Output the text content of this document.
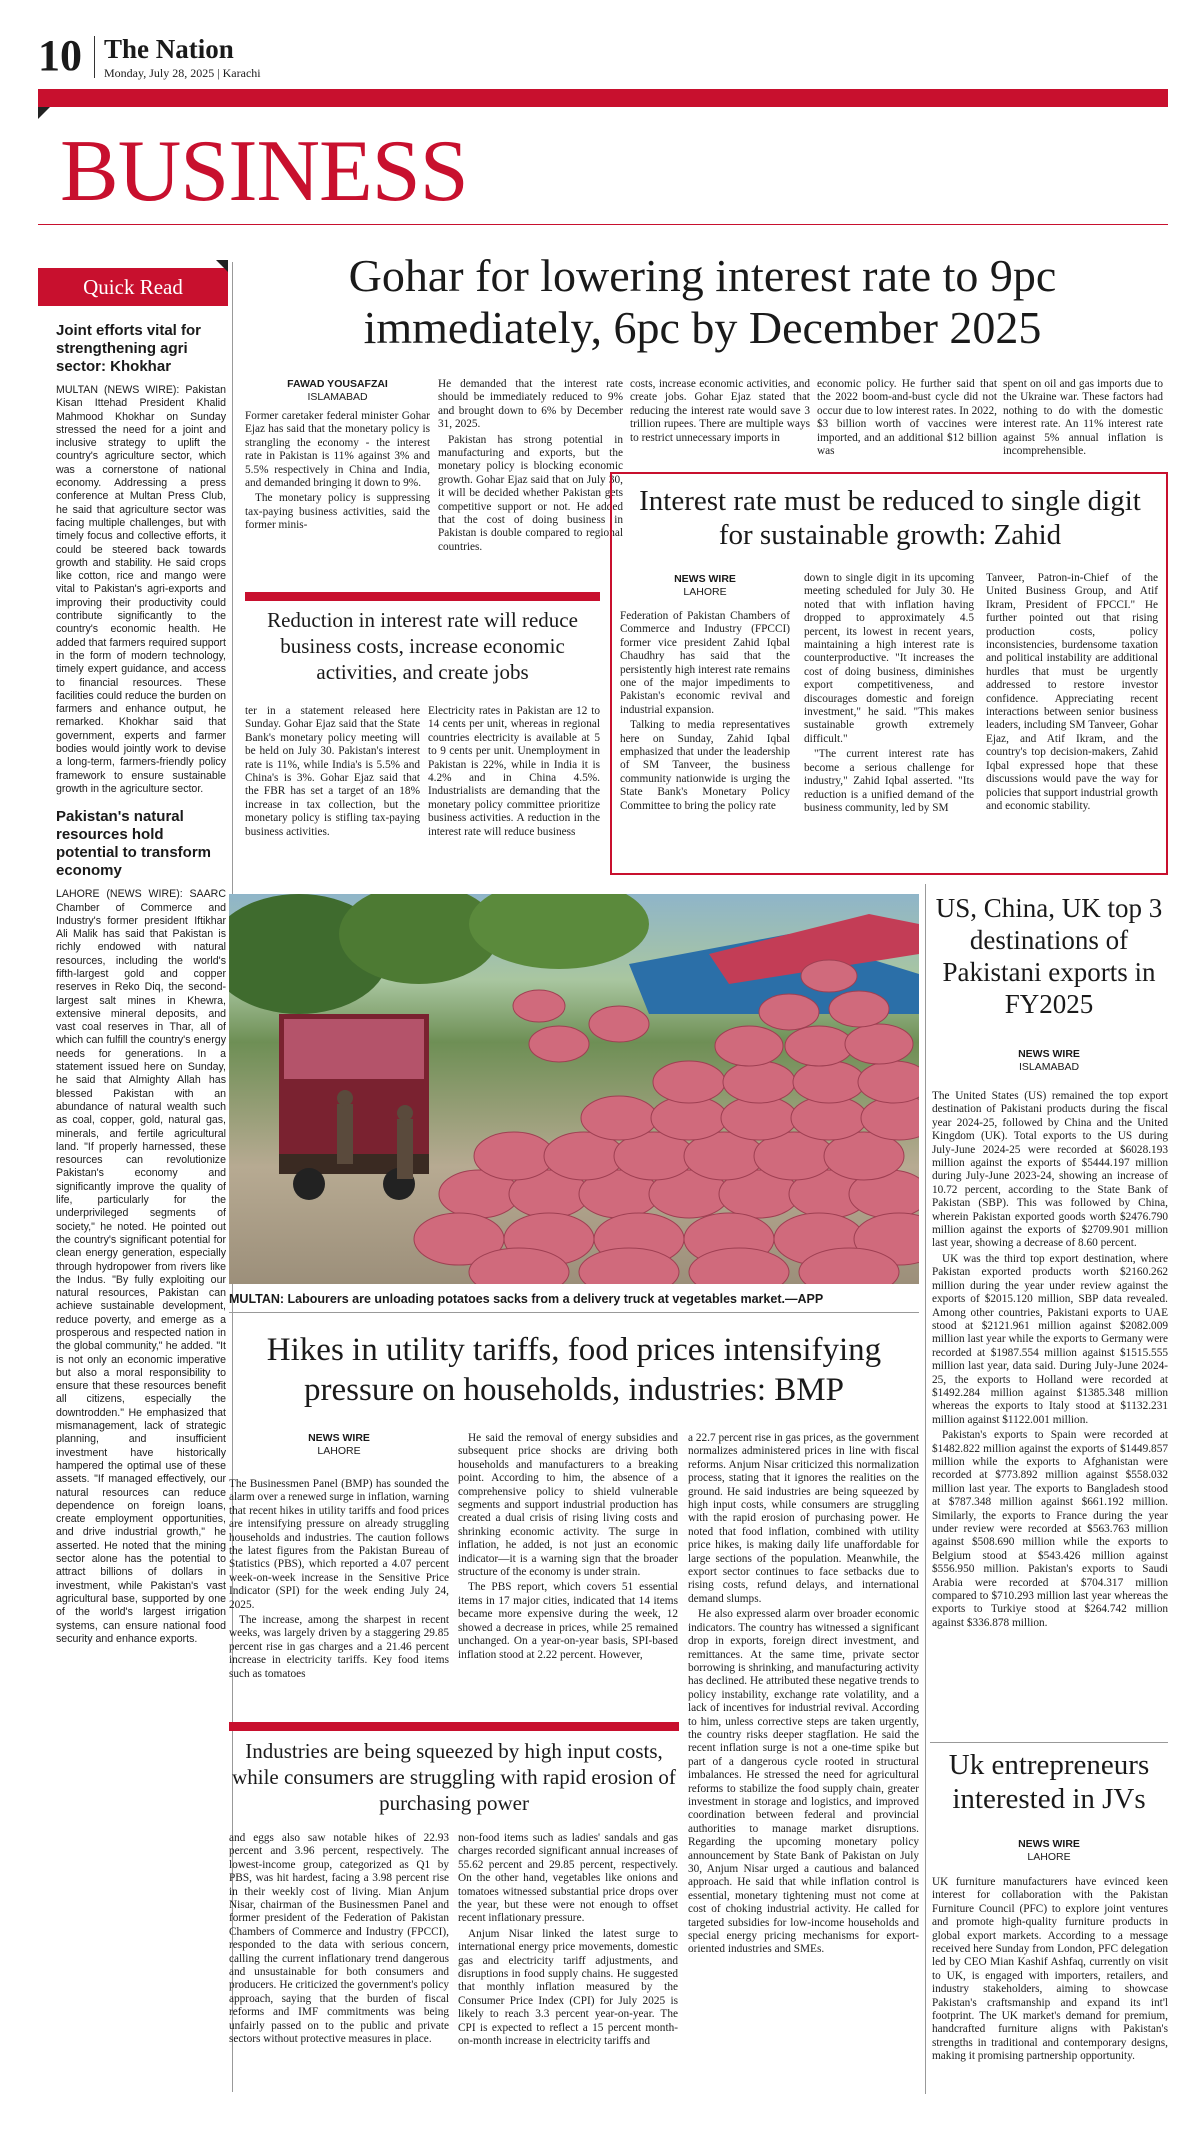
10 The Nation
Monday, July 28, 2025 | Karachi
BUSINESS
Quick Read
Joint efforts vital for strengthening agri sector: Khokhar

MULTAN (NEWS WIRE): Pakistan Kisan Ittehad President Khalid Mahmood Khokhar on Sunday stressed the need for a joint and inclusive strategy to uplift the country's agriculture sector, which was a cornerstone of national economy. Addressing a press conference at Multan Press Club, he said that agriculture sector was facing multiple challenges, but with timely focus and collective efforts, it could be steered back towards growth and stability. He said crops like cotton, rice and mango were vital to Pakistan's agri-exports and improving their productivity could contribute significantly to the country's economic health. He added that farmers required support in the form of modern technology, timely expert guidance, and access to financial resources. These facilities could reduce the burden on farmers and enhance output, he remarked. Khokhar said that government, experts and farmer bodies would jointly work to devise a long-term, farmers-friendly policy framework to ensure sustainable growth in the agriculture sector.

Pakistan's natural resources hold potential to transform economy

LAHORE (NEWS WIRE): SAARC Chamber of Commerce and Industry's former president Iftikhar Ali Malik has said that Pakistan is richly endowed with natural resources, including the world's fifth-largest gold and copper reserves in Reko Diq, the second-largest salt mines in Khewra, extensive mineral deposits, and vast coal reserves in Thar, all of which can fulfill the country's energy needs for generations. In a statement issued here on Sunday, he said that Almighty Allah has blessed Pakistan with an abundance of natural wealth such as coal, copper, gold, natural gas, minerals, and fertile agricultural land. "If properly harnessed, these resources can revolutionize Pakistan's economy and significantly improve the quality of life, particularly for the underprivileged segments of society," he noted. He pointed out the country's significant potential for clean energy generation, especially through hydropower from rivers like the Indus. "By fully exploiting our natural resources, Pakistan can achieve sustainable development, reduce poverty, and emerge as a prosperous and respected nation in the global community," he added. "It is not only an economic imperative but also a moral responsibility to ensure that these resources benefit all citizens, especially the downtrodden." He emphasized that mismanagement, lack of strategic planning, and insufficient investment have historically hampered the optimal use of these assets. "If managed effectively, our natural resources can reduce dependence on foreign loans, create employment opportunities, and drive industrial growth," he asserted. He noted that the mining sector alone has the potential to attract billions of dollars in investment, while Pakistan's vast agricultural base, supported by one of the world's largest irrigation systems, can ensure national food security and enhance exports.

Gohar for lowering interest rate to 9pc immediately, 6pc by December 2025
FAWAD YOUSAFZAI
ISLAMABAD

Former caretaker federal minister Gohar Ejaz has said that the monetary policy is strangling the economy - the interest rate in Pakistan is 11% against 3% and 5.5% respectively in China and India, and demanded bringing it down to 9%.

The monetary policy is suppressing tax-paying business activities, said the former minis-

He demanded that the interest rate should be immediately reduced to 9% and brought down to 6% by December 31, 2025.

Pakistan has strong potential in manufacturing and exports, but the monetary policy is blocking economic growth. Gohar Ejaz said that on July 30, it will be decided whether Pakistan gets competitive support or not. He added that the cost of doing business in Pakistan is double compared to regional countries.

costs, increase economic activities, and create jobs. Gohar Ejaz stated that reducing the interest rate would save 3 trillion rupees. There are multiple ways to restrict unnecessary imports in

economic policy. He further said that the 2022 boom-and-bust cycle did not occur due to low interest rates. In 2022, $3 billion worth of vaccines were imported, and an additional $12 billion was

spent on oil and gas imports due to the Ukraine war. These factors had nothing to do with the domestic interest rate. An 11% interest rate against 5% annual inflation is incomprehensible.

Reduction in interest rate will reduce business costs, increase economic activities, and create jobs

ter in a statement released here Sunday. Gohar Ejaz said that the State Bank's monetary policy meeting will be held on July 30. Pakistan's interest rate is 11%, while India's is 5.5% and China's is 3%. Gohar Ejaz said that the FBR has set a target of an 18% increase in tax collection, but the monetary policy is stifling tax-paying business activities.

Electricity rates in Pakistan are 12 to 14 cents per unit, whereas in regional countries electricity is available at 5 to 9 cents per unit. Unemployment in Pakistan is 22%, while in India it is 4.2% and in China 4.5%. Industrialists are demanding that the monetary policy committee prioritize business activities. A reduction in the interest rate will reduce business

Interest rate must be reduced to single digit for sustainable growth: Zahid
NEWS WIRE
LAHORE

Federation of Pakistan Chambers of Commerce and Industry (FPCCI) former vice president Zahid Iqbal Chaudhry has said that the persistently high interest rate remains one of the major impediments to Pakistan's economic revival and industrial expansion.

Talking to media representatives here on Sunday, Zahid Iqbal emphasized that under the leadership of SM Tanveer, the business community nationwide is urging the State Bank's Monetary Policy Committee to bring the policy rate

down to single digit in its upcoming meeting scheduled for July 30. He noted that with inflation having dropped to approximately 4.5 percent, its lowest in recent years, maintaining a high interest rate is counterproductive. "It increases the cost of doing business, diminishes export competitiveness, and discourages domestic and foreign investment," he said. "This makes sustainable growth extremely difficult."

"The current interest rate has become a serious challenge for industry," Zahid Iqbal asserted. "Its reduction is a unified demand of the business community, led by SM

Tanveer, Patron-in-Chief of the United Business Group, and Atif Ikram, President of FPCCI." He further pointed out that rising production costs, policy inconsistencies, burdensome taxation and political instability are additional hurdles that must be urgently addressed to restore investor confidence. Appreciating recent interactions between senior business leaders, including SM Tanveer, Gohar Ejaz, and Atif Ikram, and the country's top decision-makers, Zahid Iqbal expressed hope that these discussions would pave the way for policies that support industrial growth and economic stability.

MULTAN: Labourers are unloading potatoes sacks from a delivery truck at vegetables market.—APP
US, China, UK top 3 destinations of Pakistani exports in FY2025
NEWS WIRE
ISLAMABAD

The United States (US) remained the top export destination of Pakistani products during the fiscal year 2024-25, followed by China and the United Kingdom (UK). Total exports to the US during July-June 2024-25 were recorded at $6028.193 million against the exports of $5444.197 million during July-June 2023-24, showing an increase of 10.72 percent, according to the State Bank of Pakistan (SBP). This was followed by China, wherein Pakistan exported goods worth $2476.790 million against the exports of $2709.901 million last year, showing a decrease of 8.60 percent.

UK was the third top export destination, where Pakistan exported products worth $2160.262 million during the year under review against the exports of $2015.120 million, SBP data revealed. Among other countries, Pakistani exports to UAE stood at $2121.961 million against $2082.009 million last year while the exports to Germany were recorded at $1987.554 million against $1515.555 million last year, data said. During July-June 2024-25, the exports to Holland were recorded at $1492.284 million against $1385.348 million whereas the exports to Italy stood at $1132.231 million against $1122.001 million.

Pakistan's exports to Spain were recorded at $1482.822 million against the exports of $1449.857 million while the exports to Afghanistan were recorded at $773.892 million against $558.032 million last year. The exports to Bangladesh stood at $787.348 million against $661.192 million. Similarly, the exports to France during the year under review were recorded at $563.763 million against $508.690 million while the exports to Belgium stood at $543.426 million against $556.950 million. Pakistan's exports to Saudi Arabia were recorded at $704.317 million compared to $710.293 million last year whereas the exports to Turkiye stood at $264.742 million against $336.878 million.

Uk entrepreneurs interested in JVs
NEWS WIRE
LAHORE

UK furniture manufacturers have evinced keen interest for collaboration with the Pakistan Furniture Council (PFC) to explore joint ventures and promote high-quality furniture products in global export markets. According to a message received here Sunday from London, PFC delegation led by CEO Mian Kashif Ashfaq, currently on visit to UK, is engaged with importers, retailers, and industry stakeholders, aiming to showcase Pakistan's craftsmanship and expand its int'l footprint. The UK market's demand for premium, handcrafted furniture aligns with Pakistan's strengths in traditional and contemporary designs, making it promising partnership opportunity.

Hikes in utility tariffs, food prices intensifying pressure on households, industries: BMP
NEWS WIRE
LAHORE

The Businessmen Panel (BMP) has sounded the alarm over a renewed surge in inflation, warning that recent hikes in utility tariffs and food prices are intensifying pressure on already struggling households and industries. The caution follows the latest figures from the Pakistan Bureau of Statistics (PBS), which reported a 4.07 percent week-on-week increase in the Sensitive Price Indicator (SPI) for the week ending July 24, 2025.

The increase, among the sharpest in recent weeks, was largely driven by a staggering 29.85 percent rise in gas charges and a 21.46 percent increase in electricity tariffs. Key food items such as tomatoes

He said the removal of energy subsidies and subsequent price shocks are driving both households and manufacturers to a breaking point. According to him, the absence of a comprehensive policy to shield vulnerable segments and support industrial production has created a dual crisis of rising living costs and shrinking economic activity. The surge in inflation, he added, is not just an economic indicator—it is a warning sign that the broader structure of the economy is under strain.

The PBS report, which covers 51 essential items in 17 major cities, indicated that 14 items became more expensive during the week, 12 showed a decrease in prices, while 25 remained unchanged. On a year-on-year basis, SPI-based inflation stood at 2.22 percent. However,

a 22.7 percent rise in gas prices, as the government normalizes administered prices in line with fiscal reforms. Anjum Nisar criticized this normalization process, stating that it ignores the realities on the ground. He said industries are being squeezed by high input costs, while consumers are struggling with the rapid erosion of purchasing power. He noted that food inflation, combined with utility price hikes, is making daily life unaffordable for large sections of the population. Meanwhile, the export sector continues to face setbacks due to rising costs, refund delays, and international demand slumps.

He also expressed alarm over broader economic indicators. The country has witnessed a significant drop in exports, foreign direct investment, and remittances. At the same time, private sector borrowing is shrinking, and manufacturing activity has declined. He attributed these negative trends to policy instability, exchange rate volatility, and a lack of incentives for industrial revival. According to him, unless corrective steps are taken urgently, the country risks deeper stagflation. He said the recent inflation surge is not a one-time spike but part of a dangerous cycle rooted in structural imbalances. He stressed the need for agricultural reforms to stabilize the food supply chain, greater investment in storage and logistics, and improved coordination between federal and provincial authorities to manage market disruptions. Regarding the upcoming monetary policy announcement by State Bank of Pakistan on July 30, Anjum Nisar urged a cautious and balanced approach. He said that while inflation control is essential, monetary tightening must not come at cost of choking industrial activity. He called for targeted subsidies for low-income households and special energy pricing mechanisms for export-oriented industries and SMEs.

Industries are being squeezed by high input costs, while consumers are struggling with rapid erosion of purchasing power

and eggs also saw notable hikes of 22.93 percent and 3.96 percent, respectively. The lowest-income group, categorized as Q1 by PBS, was hit hardest, facing a 3.98 percent rise in their weekly cost of living. Mian Anjum Nisar, chairman of the Businessmen Panel and former president of the Federation of Pakistan Chambers of Commerce and Industry (FPCCI), responded to the data with serious concern, calling the current inflationary trend dangerous and unsustainable for both consumers and producers. He criticized the government's policy approach, saying that the burden of fiscal reforms and IMF commitments was being unfairly passed on to the public and private sectors without protective measures in place.

non-food items such as ladies' sandals and gas charges recorded significant annual increases of 55.62 percent and 29.85 percent, respectively. On the other hand, vegetables like onions and tomatoes witnessed substantial price drops over the year, but these were not enough to offset recent inflationary pressure.

Anjum Nisar linked the latest surge to international energy price movements, domestic gas and electricity tariff adjustments, and disruptions in food supply chains. He suggested that monthly inflation measured by the Consumer Price Index (CPI) for July 2025 is likely to reach 3.3 percent year-on-year. The CPI is expected to reflect a 15 percent month-on-month increase in electricity tariffs and
